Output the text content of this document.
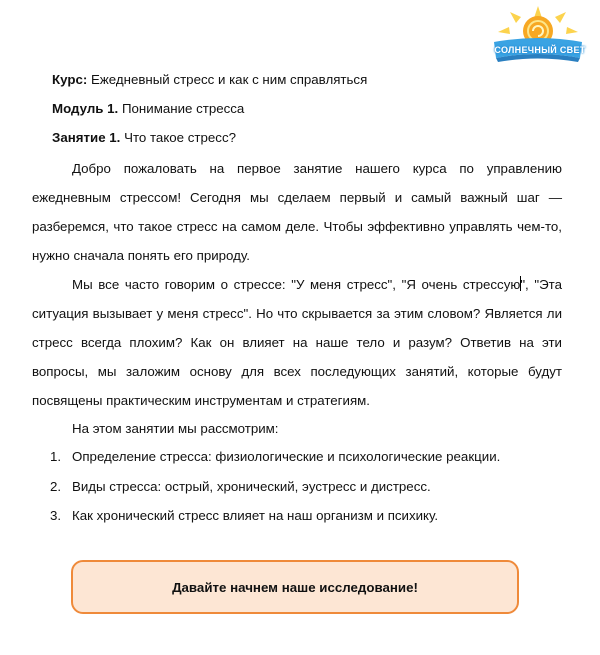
СОЛНЕЧНЫЙ СВЕТ
Курс: Ежедневный стресс и как с ним справляться
Модуль 1. Понимание стресса
Занятие 1. Что такое стресс?

Добро пожаловать на первое занятие нашего курса по управлению ежедневным стрессом! Сегодня мы сделаем первый и самый важный шаг — разберемся, что такое стресс на самом деле. Чтобы эффективно управлять чем-то, нужно сначала понять его природу.

Мы все часто говорим о стрессе: "У меня стресс", "Я очень стрессую", "Эта ситуация вызывает у меня стресс". Но что скрывается за этим словом? Является ли стресс всегда плохим? Как он влияет на наше тело и разум? Ответив на эти вопросы, мы заложим основу для всех последующих занятий, которые будут посвящены практическим инструментам и стратегиям.

На этом занятии мы рассмотрим:
1. Определение стресса: физиологические и психологические реакции.
2. Виды стресса: острый, хронический, эустресс и дистресс.
3. Как хронический стресс влияет на наш организм и психику.
Давайте начнем наше исследование!
